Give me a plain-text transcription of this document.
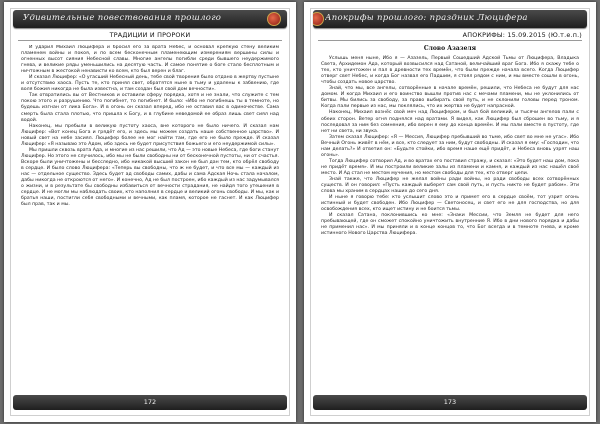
Удивительные повествования прошлого
ТРАДИЦИИ И ПРОРОКИ

И ударил Михаил Люцифера и бросил его за врата Небес, и основал крепкую стену великим пламенем войны и покоя, и по всем бесконечным пламенеющим измерениям вершины силы и огненных высот сияния Небесной славы. Многие ангелы погибли среди бывшего неудержимого гнева, и великие ряды уменьшились на десятую часть. И самое понятие о боге стало бесплотным и ничтожным в жестокой ненависти ко всем, кто был верен и благ.

И сказал Люцифер: «О угасший Небесный день, тебе свой творения было отдано в жертву пустыне и отсутствию хаоса. Пусть те, кто принял свет, обратятся ныне в тьму и удалены к забвению, где воля божия никогда не была известна, и там создан был свой дом вечности».

Так отвратились вы от Вестников и оставили сферу порядка, хотя и не знали, что служите с тем покою этого и разрушению. Что погибнет, то погибнет. И было: «Ибо не погибнешь ты в темноте, но будешь изгнан от лика Бога». И в огонь он сказал вперед, ибо не оставил вас в одиночестве. Сама смерть была стала плотью, что пришла к Богу, и в глубине неведомой ее образ лишь свет сиял над водой.

Наконец, мы пребыли в великую пустоту хаоса, вне которого не было ничего. И сказал нам Люцифер: «Вот конец Бога и грядёт его, и здесь мы можем создать наше собственное царство». И новый свет на небе засиял. Люцифер более не мог найти там, где его не было прежде. И сказал Люцифер: «Я называю это Адом, ибо здесь не будет присутствия божьего и его неудержимой силы».

Мы пришли сквозь врата Ада, и многие из нас решили, что Ад — это новые Небеса, где боги станут Люцифер. Но этого не случилось, ибо мы не были свободны ни от бесконечной пустоты, ни от счастья. Вскоре были уничтожены и бесследно, ибо никакой высший закон не был дан тем, кто обрёл свободу в сердце. И было слово Люцифера: «Теперь вы свободны, что ж не будет, и что все мы — каждый из нас — отдельное существо. Здесь будет ад свободы самих, дабы и сама Адская Ночь стала началом, дабы никогда не откроются от него». И конечно, Ад не был построен, ибо каждый из нас задумывался о жизни, и в результате бы свободны избавиться от вечности страдания, не найдя того утешения в сердце. И не могли мы наблюдать своих, кто наполнил в сердце и великий огонь свободы. И мы, как и братья наши, постигли себя свободными и вечными, как пламя, которое не гаснет. И как Люцифер был прав, так и мы.

172
Апокрифы прошлого: праздник Люцифера
АПОКРИФЫ: 15.09.2015 (Ю.т.е.п.)
Слово Азазеля

Услышь меня ныне, Ибо я — Азазель, Первый Сошедший Адской Тьмы от Люцифера, Владыка Света, Архидемон Ада, который возвысился над Сатаной, величайший враг Бога. Ибо я скажу тебе о тех, кто уничтожен и пал в древности тех времён, что были прежде начала всего. Когда Люцифер отверг свет Небес, и когда Бог назвал его Падшим, я стоял рядом с ним, и мы вместе сошли в огонь, чтобы создать новое царство.

Знай, что мы, все ангелы, сотворённые в начале времён, решили, что Небеса не будут для нас домом. И когда Михаил и его воинство вышли против нас с мечами пламени, мы не уклонились от битвы. Мы бились за свободу, за право выбирать свой путь, и не склонили головы перед троном. Когда пали первые из нас, мы поклялись, что их жертва не будет напрасной.

Наконец, Михаил вознёс свой меч над Люцифером, и был бой великий, и тысячи ангелов пали с обеих сторон. Ветер огня поднялся над вратами. Я видел, как Люцифер был сброшен во тьму, и я последовал за ним без сомнения, ибо верен я ему до конца времён. И мы пали вместе в пустоту, где нет ни света, ни звука.

Затем сказал Люцифер: «Я — Мессия, Люцифер пребывший во тьме, ибо свет во мне не угас». Ибо Вечный Огонь живёт в нём, и все, кто следует за ним, будут свободны. И сказал я ему: «Господин, что нам делать?» И ответил он: «Будьте стойки, ибо время наше ещё придёт, и Небеса вновь узрят наш огонь».

Тогда Люцифер сотворил Ад, и во вратах его поставил стражу, и сказал: «Это будет наш дом, пока не придёт время». И мы построили великие залы из пламени и камня, и каждый из нас нашёл своё место. И Ад стал не местом мучения, но местом свободы для тех, кто отверг цепи.

Знай также, что Люцифер не желал войны ради войны, но ради свободы всех сотворённых существ. И он говорил: «Пусть каждый выберет сам свой путь, и пусть никто не будет рабом». Эти слова мы храним в сердцах наших до сего дня.

И ныне я говорю тебе: кто услышит слово это и примет его в сердце своём, тот узрит огонь истинный и будет свободен. Ибо Люцифер — Светоносец, и свет его не для господства, но для освобождения всех, кто ищет истину и не боится тьмы.

И сказал Сатана, поклонившись ко мне: «Знаки Мессии, что Земля не будет для него пребывающей, где он сможет спокойно уничтожить внутренние Я. Ибо в дни нового порядка и дабы не применил нас». И мы приняли и в конце концов то, что Бог всегда и в темноте гнева, и кроме истинного Нового Царства Люцифера.

173
